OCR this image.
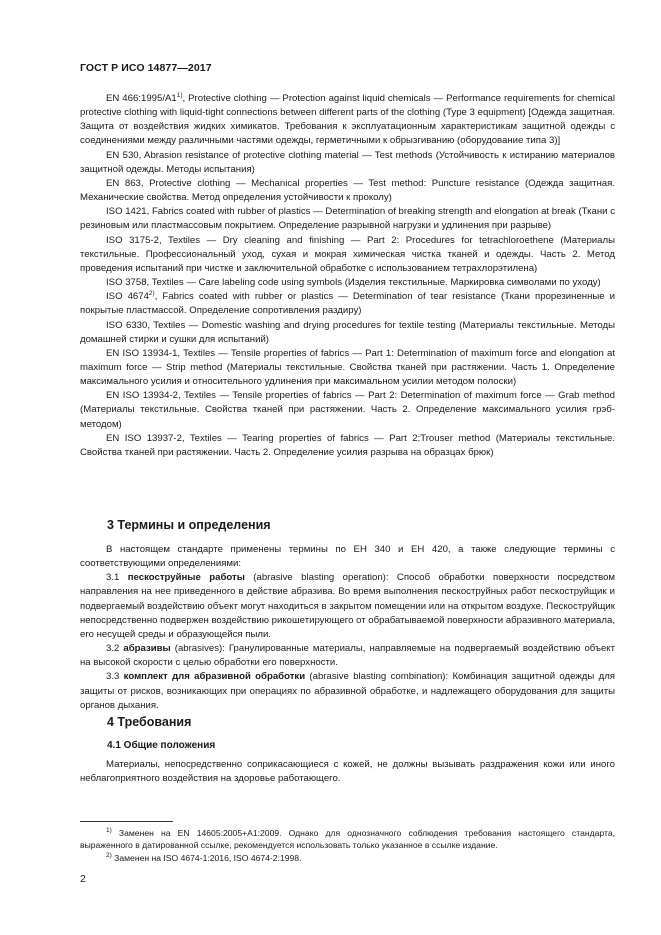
ГОСТ Р ИСО 14877—2017

EN 466:1995/A1$^{1)}$, Protective clothing — Protection against liquid chemicals — Performance requirements for chemical protective clothing with liquid-tight connections between different parts of the clothing (Type 3 equipment) [Одежда защитная. Защита от воздействия жидких химикатов. Требования к эксплуатационным характеристикам защитной одежды с соединениями между различными частями одежды, герметичными к обрызгиванию (оборудование типа 3)]

EN 530, Abrasion resistance of protective clothing material — Test methods (Устойчивость к истиранию материалов защитной одежды. Методы испытания)

EN 863, Protective clothing — Mechanical properties — Test method: Puncture resistance (Одежда защитная. Механические свойства. Метод определения устойчивости к проколу)

ISO 1421, Fabrics coated with rubber of plastics — Determination of breaking strength and elongation at break (Ткани с резиновым или пластмассовым покрытием. Определение разрывной нагрузки и удлинения при разрыве)

ISO 3175-2, Textiles — Dry cleaning and finishing — Part 2: Procedures for tetrachloroethene (Материалы текстильные. Профессиональный уход, сухая и мокрая химическая чистка тканей и одежды. Часть 2. Метод проведения испытаний при чистке и заключительной обработке с использованием тетрахлорэтилена)

ISO 3758, Textiles — Care labeling code using symbols (Изделия текстильные. Маркировка символами по уходу)

ISO 4674$^{2)}$, Fabrics coated with rubber or plastics — Determination of tear resistance (Ткани прорезиненные и покрытые пластмассой. Определение сопротивления раздиру)

ISO 6330, Textiles — Domestic washing and drying procedures for textile testing (Материалы текстильные. Методы домашней стирки и сушки для испытаний)

EN ISO 13934-1, Textiles — Tensile properties of fabrics — Part 1: Determination of maximum force and elongation at maximum force — Strip method (Материалы текстильные. Свойства тканей при растяжении. Часть 1. Определение максимального усилия и относительного удлинения при максимальном усилии методом полоски)

EN ISO 13934-2, Textiles — Tensile properties of fabrics — Part 2: Determination of maximum force — Grab method (Материалы текстильные. Свойства тканей при растяжении. Часть 2. Определение максимального усилия грэб-методом)

EN ISO 13937-2, Textiles — Tearing properties of fabrics — Part 2:Trouser method (Материалы текстильные. Свойства тканей при растяжении. Часть 2. Определение усилия разрыва на образцах брюк)

3 Термины и определения

В настоящем стандарте применены термины по ЕН 340 и ЕН 420, а также следующие термины с соответствующими определениями:

3.1 пескоструйные работы (abrasive blasting operation): Способ обработки поверхности посредством направления на нее приведенного в действие абразива. Во время выполнения пескоструйных работ пескоструйщик и подвергаемый воздействию объект могут находиться в закрытом помещении или на открытом воздухе. Пескоструйщик непосредственно подвержен воздействию рикошетирующего от обрабатываемой поверхности абразивного материала, его несущей среды и образующейся пыли.

3.2 абразивы (abrasives): Гранулированные материалы, направляемые на подвергаемый воздействию объект на высокой скорости с целью обработки его поверхности.

3.3 комплект для абразивной обработки (abrasive blasting combination): Комбинация защитной одежды для защиты от рисков, возникающих при операциях по абразивной обработке, и надлежащего оборудования для защиты органов дыхания.

4 Требования
4.1 Общие положения

Материалы, непосредственно соприкасающиеся с кожей, не должны вызывать раздражения кожи или иного неблагоприятного воздействия на здоровье работающего.

$^{1)}$ Заменен на EN 14605:2005+A1:2009. Однако для однозначного соблюдения требования настоящего стандарта, выраженного в датированной ссылке, рекомендуется использовать только указанное в ссылке издание.

$^{2)}$ Заменен на ISO 4674-1:2016, ISO 4674-2:1998.

2
